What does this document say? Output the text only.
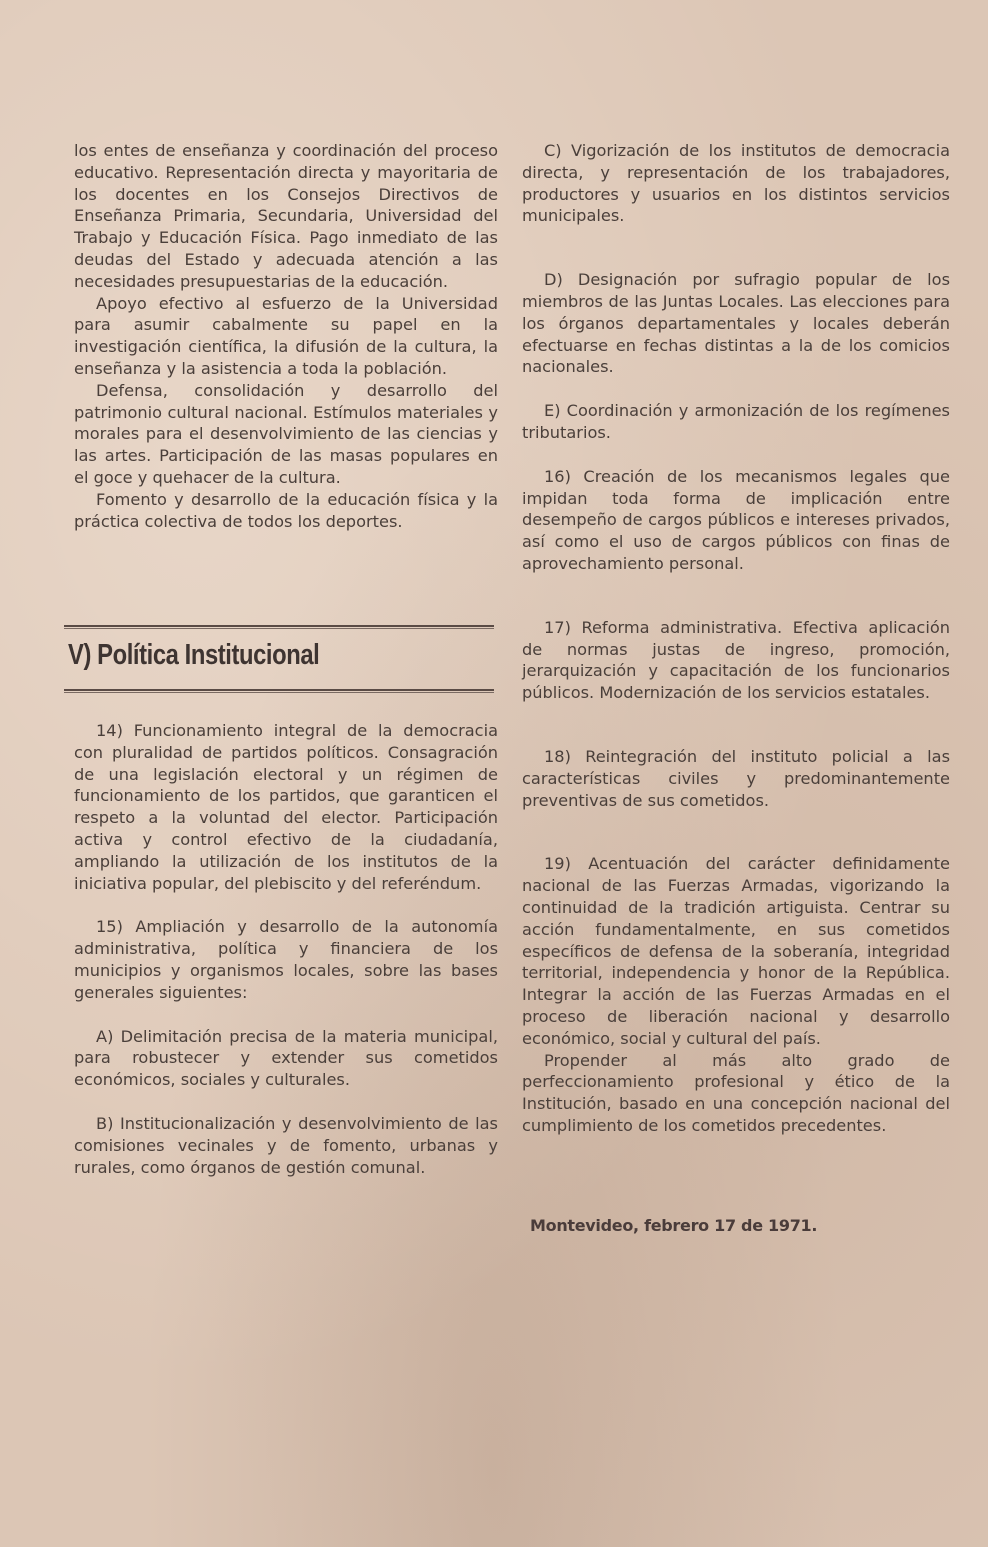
los entes de enseñanza y coordinación del proceso educativo. Representación directa y mayoritaria de los docentes en los Consejos Directivos de Enseñanza Primaria, Secundaria, Universidad del Trabajo y Educación Física. Pago inmediato de las deudas del Estado y adecuada atención a las necesidades presupuestarias de la educación.

Apoyo efectivo al esfuerzo de la Universidad para asumir cabalmente su papel en la investigación científica, la difusión de la cultura, la enseñanza y la asistencia a toda la población.

Defensa, consolidación y desarrollo del patrimonio cultural nacional. Estímulos materiales y morales para el desenvolvimiento de las ciencias y las artes. Participación de las masas populares en el goce y quehacer de la cultura.

Fomento y desarrollo de la educación física y la práctica colectiva de todos los deportes.

V) Política Institucional

14) Funcionamiento integral de la democracia con pluralidad de partidos políticos. Consagración de una legislación electoral y un régimen de funcionamiento de los partidos, que garanticen el respeto a la voluntad del elector. Participación activa y control efectivo de la ciudadanía, ampliando la utilización de los institutos de la iniciativa popular, del plebiscito y del referéndum.

15) Ampliación y desarrollo de la autonomía administrativa, política y financiera de los municipios y organismos locales, sobre las bases generales siguientes:

A) Delimitación precisa de la materia municipal, para robustecer y extender sus cometidos económicos, sociales y culturales.

B) Institucionalización y desenvolvimiento de las comisiones vecinales y de fomento, urbanas y rurales, como órganos de gestión comunal.

C) Vigorización de los institutos de democracia directa, y representación de los trabajadores, productores y usuarios en los distintos servicios municipales.

D) Designación por sufragio popular de los miembros de las Juntas Locales. Las elecciones para los órganos departamentales y locales deberán efectuarse en fechas distintas a la de los comicios nacionales.

E) Coordinación y armonización de los regímenes tributarios.

16) Creación de los mecanismos legales que impidan toda forma de implicación entre desempeño de cargos públicos e intereses privados, así como el uso de cargos públicos con finas de aprovechamiento personal.

17) Reforma administrativa. Efectiva aplicación de normas justas de ingreso, promoción, jerarquización y capacitación de los funcionarios públicos. Modernización de los servicios estatales.

18) Reintegración del instituto policial a las características civiles y predominantemente preventivas de sus cometidos.

19) Acentuación del carácter definidamente nacional de las Fuerzas Armadas, vigorizando la continuidad de la tradición artiguista. Centrar su acción fundamentalmente, en sus cometidos específicos de defensa de la soberanía, integridad territorial, independencia y honor de la República. Integrar la acción de las Fuerzas Armadas en el proceso de liberación nacional y desarrollo económico, social y cultural del país.

Propender al más alto grado de perfeccionamiento profesional y ético de la Institución, basado en una concepción nacional del cumplimiento de los cometidos precedentes.

Montevideo, febrero 17 de 1971.
